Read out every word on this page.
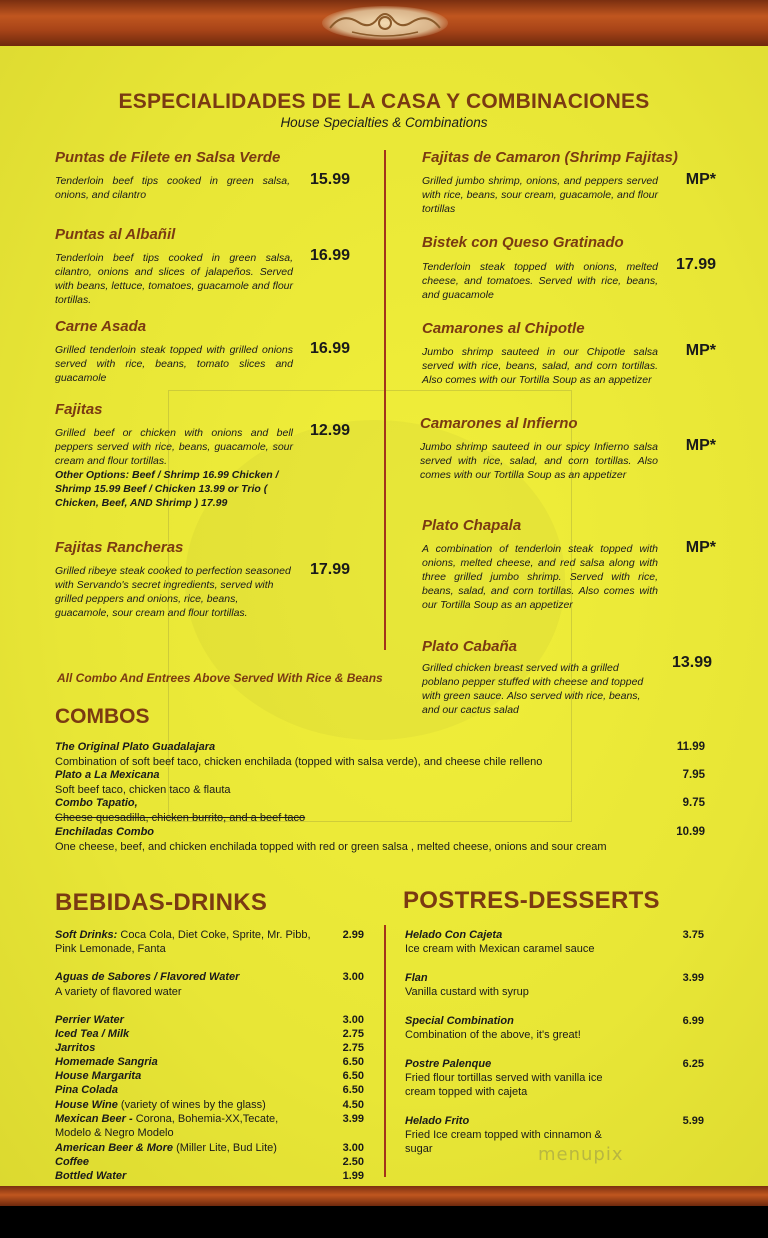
ESPECIALIDADES DE LA CASA Y COMBINACIONES
House Specialties & Combinations
Puntas de Filete en Salsa Verde
Tenderloin beef tips cooked in green salsa, onions, and cilantro
15.99
Puntas al Albañil
Tenderloin beef tips cooked in green salsa, cilantro, onions and slices of jalapeños. Served with beans, lettuce, tomatoes, guacamole and flour tortillas.
16.99
Carne Asada
Grilled tenderloin steak topped with grilled onions served with rice, beans, tomato slices and guacamole
16.99
Fajitas
Grilled beef or chicken with onions and bell peppers served with rice, beans, guacamole, sour cream and flour tortillas.
Other Options: Beef / Shrimp 16.99 Chicken / Shrimp 15.99 Beef / Chicken 13.99 or Trio ( Chicken, Beef, AND Shrimp ) 17.99
12.99
Fajitas Rancheras
Grilled ribeye steak cooked to perfection seasoned with Servando's secret ingredients, served with grilled peppers and onions, rice, beans, guacamole, sour cream and flour tortillas.
17.99
All Combo And Entrees Above Served With Rice & Beans
Fajitas de Camaron (Shrimp Fajitas)
Grilled jumbo shrimp, onions, and peppers served with rice, beans, sour cream, guacamole, and flour tortillas
MP*
Bistek con Queso Gratinado
Tenderloin steak topped with onions, melted cheese, and tomatoes. Served with rice, beans, and guacamole
17.99
Camarones al Chipotle
Jumbo shrimp sauteed in our Chipotle salsa served with rice, beans, salad, and corn tortillas. Also comes with our Tortilla Soup as an appetizer
MP*
Camarones al Infierno
Jumbo shrimp sauteed in our spicy Infierno salsa served with rice, salad, and corn tortillas. Also comes with our Tortilla Soup as an appetizer
MP*
Plato Chapala
A combination of tenderloin steak topped with onions, melted cheese, and red salsa along with three grilled jumbo shrimp. Served with rice, beans, salad, and corn tortillas. Also comes with our Tortilla Soup as an appetizer
MP*
Plato Cabaña
Grilled chicken breast served with a grilled poblano pepper stuffed with cheese and topped with green sauce. Also served with rice, beans, and our cactus salad
13.99
COMBOS
The Original Plato Guadalajara
Combination of soft beef taco, chicken enchilada (topped with salsa verde), and cheese chile relleno
11.99
Plato a La Mexicana
Soft beef taco, chicken taco & flauta
7.95
Combo Tapatio,
Cheese quesadilla, chicken burrito, and a beef taco
9.75
Enchiladas Combo
One cheese, beef, and chicken enchilada topped with red or green salsa , melted cheese, onions and sour cream
10.99
BEBIDAS-DRINKS
Soft Drinks: Coca Cola, Diet Coke, Sprite, Mr. Pibb, Pink Lemonade, Fanta
2.99
Aguas de Sabores / Flavored Water	3.00
A variety of flavored water
Perrier Water	3.00
Iced Tea / Milk	2.75
Jarritos	2.75
Homemade Sangria	6.50
House Margarita	6.50
Pina Colada	6.50
House Wine (variety of wines by the glass)	4.50
Mexican Beer - Corona, Bohemia-XX,Tecate, Modelo & Negro Modelo
3.99
American Beer & More (Miller Lite, Bud Lite)	3.00
Coffee	2.50
Bottled Water	1.99
POSTRES-DESSERTS
Helado Con Cajeta
Ice cream with Mexican caramel sauce
3.75
Flan
Vanilla custard with syrup
3.99
Special Combination
Combination of the above, it's great!
6.99
Postre Palenque
Fried flour tortillas served with vanilla ice cream topped with cajeta
6.25
Helado Frito
Fried Ice cream topped with cinnamon & sugar
5.99
menupix
